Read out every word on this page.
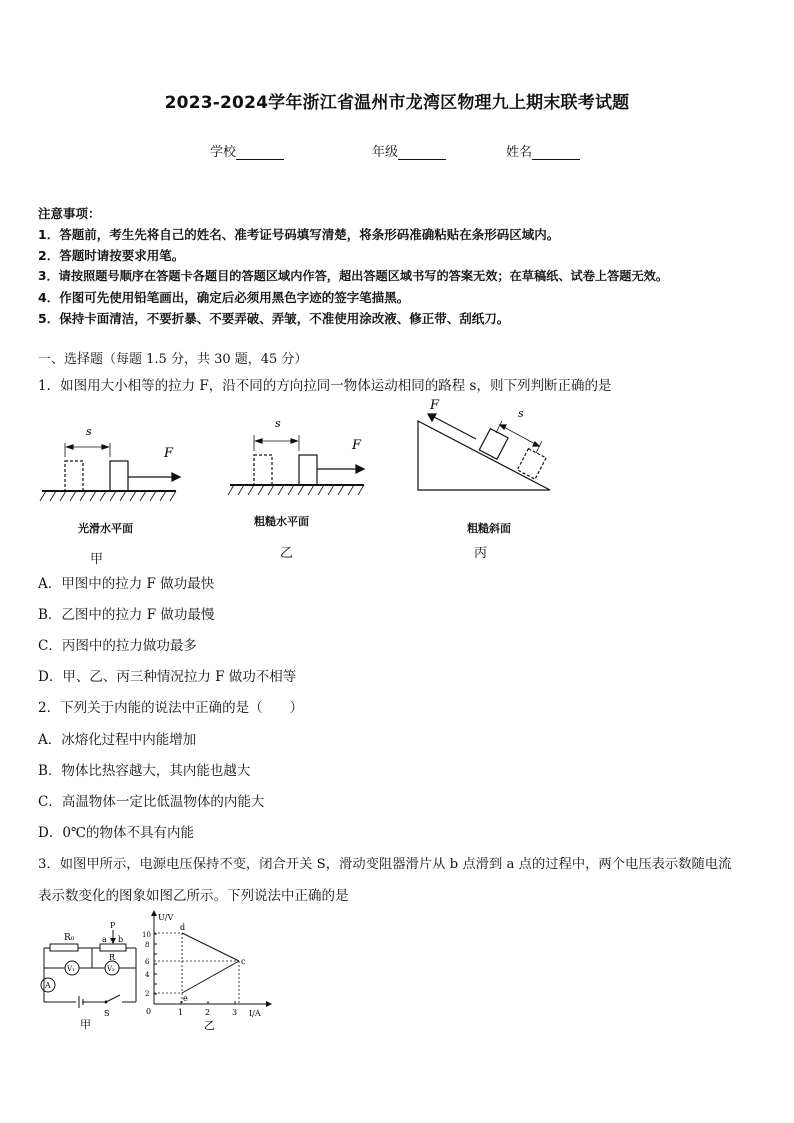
2023-2024学年浙江省温州市龙湾区物理九上期末联考试题
学校	年级	姓名
注意事项：
1．答题前，考生先将自己的姓名、准考证号码填写清楚，将条形码准确粘贴在条形码区域内。
2．答题时请按要求用笔。
3．请按照题号顺序在答题卡各题目的答题区域内作答，超出答题区域书写的答案无效；在草稿纸、试卷上答题无效。
4．作图可先使用铅笔画出，确定后必须用黑色字迹的签字笔描黑。
5．保持卡面清洁，不要折暴、不要弄破、弄皱，不准使用涂改液、修正带、刮纸刀。
一、选择题（每题 1.5 分，共 30 题，45 分）
1．如图用大小相等的拉力 F，沿不同的方向拉同一物体运动相同的路程 s，则下列判断正确的是
s
F
s
F
F
s
光滑水平面
粗糙水平面
粗糙斜面
甲	乙	丙
A．甲图中的拉力 F 做功最快
B．乙图中的拉力 F 做功最慢
C．丙图中的拉力做功最多
D．甲、乙、丙三种情况拉力 F 做功不相等
2．下列关于内能的说法中正确的是（　　）
A．冰熔化过程中内能增加
B．物体比热容越大，其内能也越大
C．高温物体一定比低温物体的内能大
D．0℃的物体不具有内能
3．如图甲所示，电源电压保持不变，闭合开关 S，滑动变阻器滑片从 b 点滑到 a 点的过程中，两个电压表示数随电流
表示数变化的图象如图乙所示。下列说法中正确的是
R₀
P
a b
R
V₁	V₂
A
S
甲
U/V
I/A
0
10
8
6
4
2
1	2	3
d
c
e
乙
